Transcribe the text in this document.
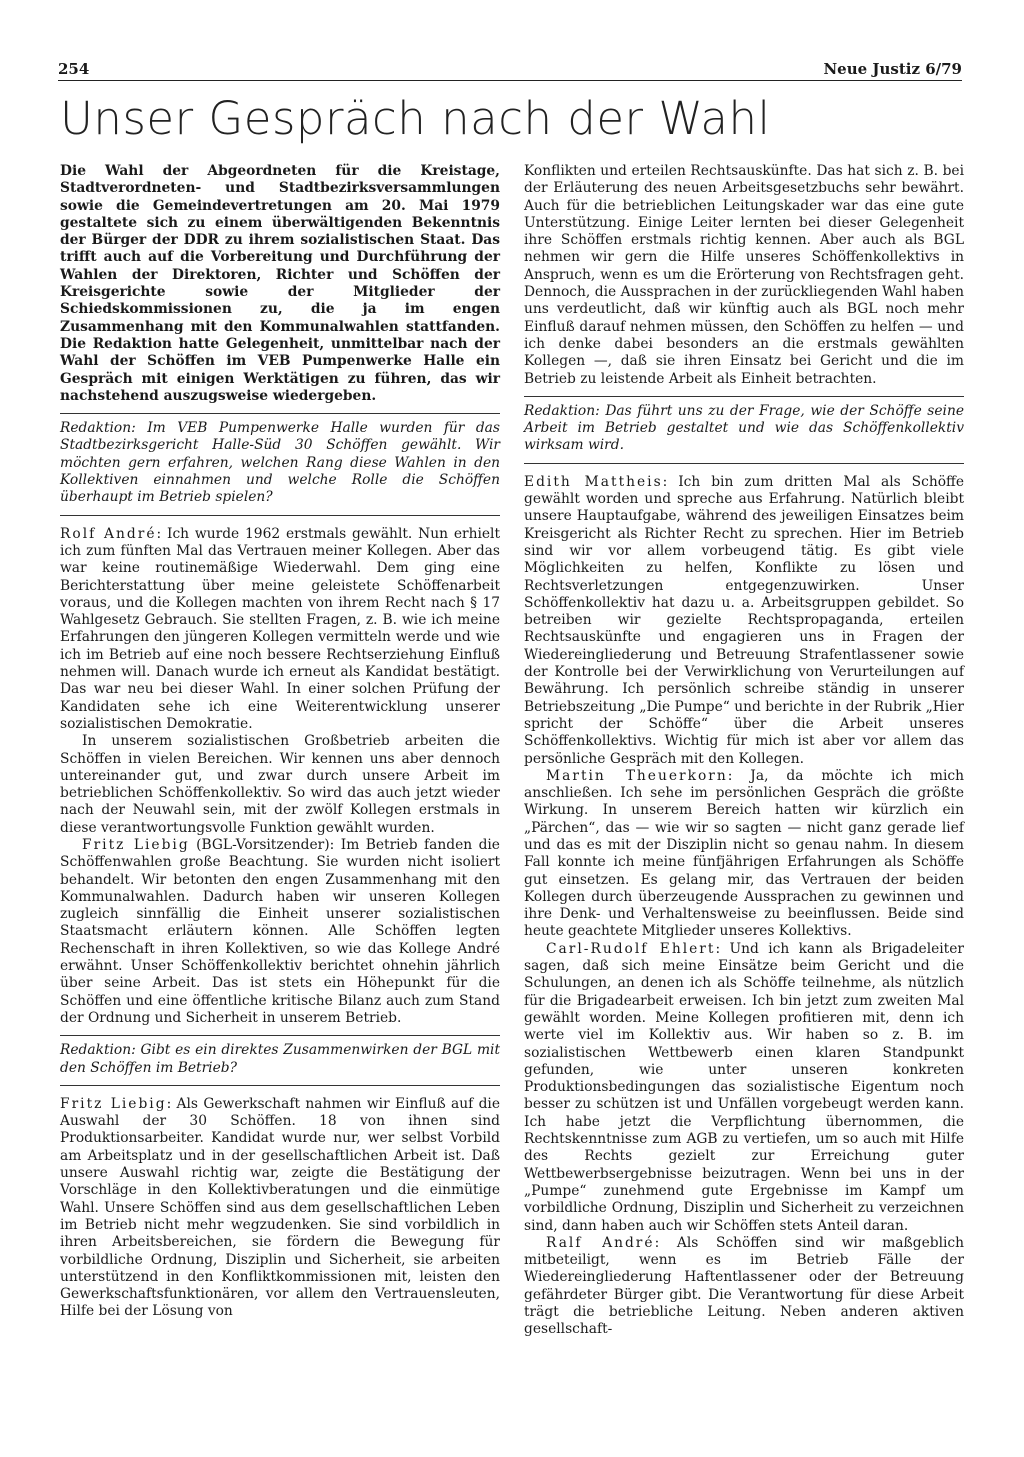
254	Neue Justiz 6/79
Unser Gespräch nach der Wahl

Die Wahl der Abgeordneten für die Kreistage, Stadtverordneten- und Stadtbezirksversammlungen sowie die Gemeindevertretungen am 20. Mai 1979 gestaltete sich zu einem überwältigenden Bekenntnis der Bürger der DDR zu ihrem sozialistischen Staat. Das trifft auch auf die Vorbereitung und Durchführung der Wahlen der Direktoren, Richter und Schöffen der Kreisgerichte sowie der Mitglieder der Schiedskommissionen zu, die ja im engen Zusammenhang mit den Kommunalwahlen stattfanden. Die Redaktion hatte Gelegenheit, unmittelbar nach der Wahl der Schöffen im VEB Pumpenwerke Halle ein Gespräch mit einigen Werktätigen zu führen, das wir nachstehend auszugsweise wiedergeben.

Redaktion: Im VEB Pumpenwerke Halle wurden für das Stadtbezirksgericht Halle-Süd 30 Schöffen gewählt. Wir möchten gern erfahren, welchen Rang diese Wahlen in den Kollektiven einnahmen und welche Rolle die Schöffen überhaupt im Betrieb spielen?

Rolf André: Ich wurde 1962 erstmals gewählt. Nun erhielt ich zum fünften Mal das Vertrauen meiner Kollegen. Aber das war keine routinemäßige Wiederwahl. Dem ging eine Berichterstattung über meine geleistete Schöffenarbeit voraus, und die Kollegen machten von ihrem Recht nach § 17 Wahlgesetz Gebrauch. Sie stellten Fragen, z. B. wie ich meine Erfahrungen den jüngeren Kollegen vermitteln werde und wie ich im Betrieb auf eine noch bessere Rechtserziehung Einfluß nehmen will. Danach wurde ich erneut als Kandidat bestätigt. Das war neu bei dieser Wahl. In einer solchen Prüfung der Kandidaten sehe ich eine Weiterentwicklung unserer sozialistischen Demokratie.

In unserem sozialistischen Großbetrieb arbeiten die Schöffen in vielen Bereichen. Wir kennen uns aber dennoch untereinander gut, und zwar durch unsere Arbeit im betrieblichen Schöffenkollektiv. So wird das auch jetzt wieder nach der Neuwahl sein, mit der zwölf Kollegen erstmals in diese verantwortungsvolle Funktion gewählt wurden.

Fritz Liebig (BGL-Vorsitzender): Im Betrieb fanden die Schöffenwahlen große Beachtung. Sie wurden nicht isoliert behandelt. Wir betonten den engen Zusammenhang mit den Kommunalwahlen. Dadurch haben wir unseren Kollegen zugleich sinnfällig die Einheit unserer sozialistischen Staatsmacht erläutern können. Alle Schöffen legten Rechenschaft in ihren Kollektiven, so wie das Kollege André erwähnt. Unser Schöffenkollektiv berichtet ohnehin jährlich über seine Arbeit. Das ist stets ein Höhepunkt für die Schöffen und eine öffentliche kritische Bilanz auch zum Stand der Ordnung und Sicherheit in unserem Betrieb.

Redaktion: Gibt es ein direktes Zusammenwirken der BGL mit den Schöffen im Betrieb?

Fritz Liebig: Als Gewerkschaft nahmen wir Einfluß auf die Auswahl der 30 Schöffen. 18 von ihnen sind Produktionsarbeiter. Kandidat wurde nur, wer selbst Vorbild am Arbeitsplatz und in der gesellschaftlichen Arbeit ist. Daß unsere Auswahl richtig war, zeigte die Bestätigung der Vorschläge in den Kollektivberatungen und die einmütige Wahl. Unsere Schöffen sind aus dem gesellschaftlichen Leben im Betrieb nicht mehr wegzudenken. Sie sind vorbildlich in ihren Arbeitsbereichen, sie fördern die Bewegung für vorbildliche Ordnung, Disziplin und Sicherheit, sie arbeiten unterstützend in den Konfliktkommissionen mit, leisten den Gewerkschaftsfunktionären, vor allem den Vertrauensleuten, Hilfe bei der Lösung von

Konflikten und erteilen Rechtsauskünfte. Das hat sich z. B. bei der Erläuterung des neuen Arbeitsgesetzbuchs sehr bewährt. Auch für die betrieblichen Leitungskader war das eine gute Unterstützung. Einige Leiter lernten bei dieser Gelegenheit ihre Schöffen erstmals richtig kennen. Aber auch als BGL nehmen wir gern die Hilfe unseres Schöffenkollektivs in Anspruch, wenn es um die Erörterung von Rechtsfragen geht. Dennoch, die Aussprachen in der zurückliegenden Wahl haben uns verdeutlicht, daß wir künftig auch als BGL noch mehr Einfluß darauf nehmen müssen, den Schöffen zu helfen — und ich denke dabei besonders an die erstmals gewählten Kollegen —, daß sie ihren Einsatz bei Gericht und die im Betrieb zu leistende Arbeit als Einheit betrachten.

Redaktion: Das führt uns zu der Frage, wie der Schöffe seine Arbeit im Betrieb gestaltet und wie das Schöffenkollektiv wirksam wird.

Edith Mattheis: Ich bin zum dritten Mal als Schöffe gewählt worden und spreche aus Erfahrung. Natürlich bleibt unsere Hauptaufgabe, während des jeweiligen Einsatzes beim Kreisgericht als Richter Recht zu sprechen. Hier im Betrieb sind wir vor allem vorbeugend tätig. Es gibt viele Möglichkeiten zu helfen, Konflikte zu lösen und Rechtsverletzungen entgegenzuwirken. Unser Schöffenkollektiv hat dazu u. a. Arbeitsgruppen gebildet. So betreiben wir gezielte Rechtspropaganda, erteilen Rechtsauskünfte und engagieren uns in Fragen der Wiedereingliederung und Betreuung Strafentlassener sowie der Kontrolle bei der Verwirklichung von Verurteilungen auf Bewährung. Ich persönlich schreibe ständig in unserer Betriebszeitung „Die Pumpe“ und berichte in der Rubrik „Hier spricht der Schöffe“ über die Arbeit unseres Schöffenkollektivs. Wichtig für mich ist aber vor allem das persönliche Gespräch mit den Kollegen.

Martin Theuerkorn: Ja, da möchte ich mich anschließen. Ich sehe im persönlichen Gespräch die größte Wirkung. In unserem Bereich hatten wir kürzlich ein „Pärchen“, das — wie wir so sagten — nicht ganz gerade lief und das es mit der Disziplin nicht so genau nahm. In diesem Fall konnte ich meine fünfjährigen Erfahrungen als Schöffe gut einsetzen. Es gelang mir, das Vertrauen der beiden Kollegen durch überzeugende Aussprachen zu gewinnen und ihre Denk- und Verhaltensweise zu beeinflussen. Beide sind heute geachtete Mitglieder unseres Kollektivs.

Carl-Rudolf Ehlert: Und ich kann als Brigadeleiter sagen, daß sich meine Einsätze beim Gericht und die Schulungen, an denen ich als Schöffe teilnehme, als nützlich für die Brigadearbeit erweisen. Ich bin jetzt zum zweiten Mal gewählt worden. Meine Kollegen profitieren mit, denn ich werte viel im Kollektiv aus. Wir haben so z. B. im sozialistischen Wettbewerb einen klaren Standpunkt gefunden, wie unter unseren konkreten Produktionsbedingungen das sozialistische Eigentum noch besser zu schützen ist und Unfällen vorgebeugt werden kann. Ich habe jetzt die Verpflichtung übernommen, die Rechtskenntnisse zum AGB zu vertiefen, um so auch mit Hilfe des Rechts gezielt zur Erreichung guter Wettbewerbsergebnisse beizutragen. Wenn bei uns in der „Pumpe“ zunehmend gute Ergebnisse im Kampf um vorbildliche Ordnung, Disziplin und Sicherheit zu verzeichnen sind, dann haben auch wir Schöffen stets Anteil daran.

Ralf André: Als Schöffen sind wir maßgeblich mitbeteiligt, wenn es im Betrieb Fälle der Wiedereingliederung Haftentlassener oder der Betreuung gefährdeter Bürger gibt. Die Verantwortung für diese Arbeit trägt die betriebliche Leitung. Neben anderen aktiven gesellschaft-
